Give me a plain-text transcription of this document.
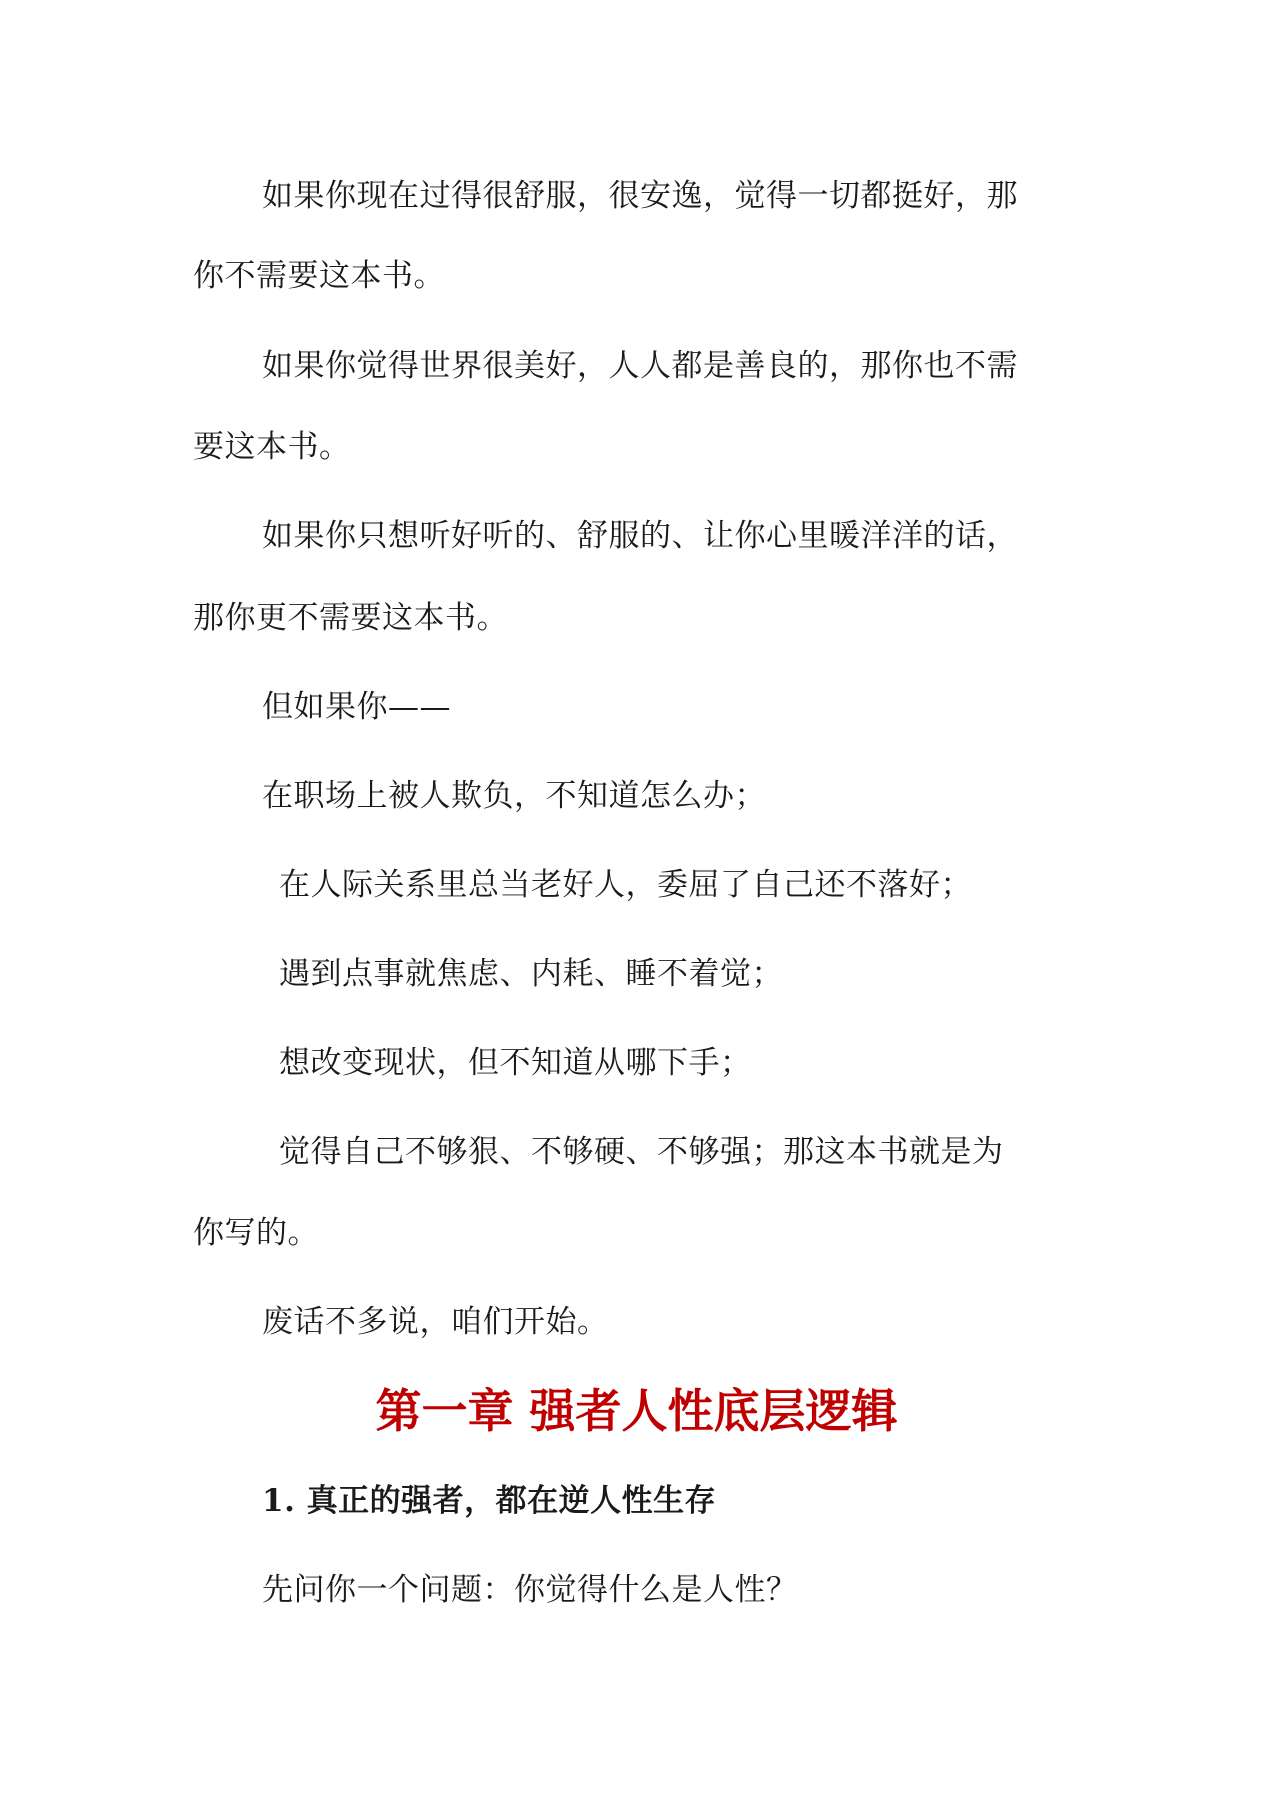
如果你现在过得很舒服，很安逸，觉得一切都挺好，那
你不需要这本书。
如果你觉得世界很美好，人人都是善良的，那你也不需
要这本书。
如果你只想听好听的、舒服的、让你心里暖洋洋的话，
那你更不需要这本书。
但如果你——
在职场上被人欺负，不知道怎么办；
在人际关系里总当老好人，委屈了自己还不落好；
遇到点事就焦虑、内耗、睡不着觉；
想改变现状，但不知道从哪下手；
觉得自己不够狠、不够硬、不够强；那这本书就是为
你写的。
废话不多说，咱们开始。
第一章 强者人性底层逻辑
1. 真正的强者，都在逆人性生存
先问你一个问题：你觉得什么是人性？
